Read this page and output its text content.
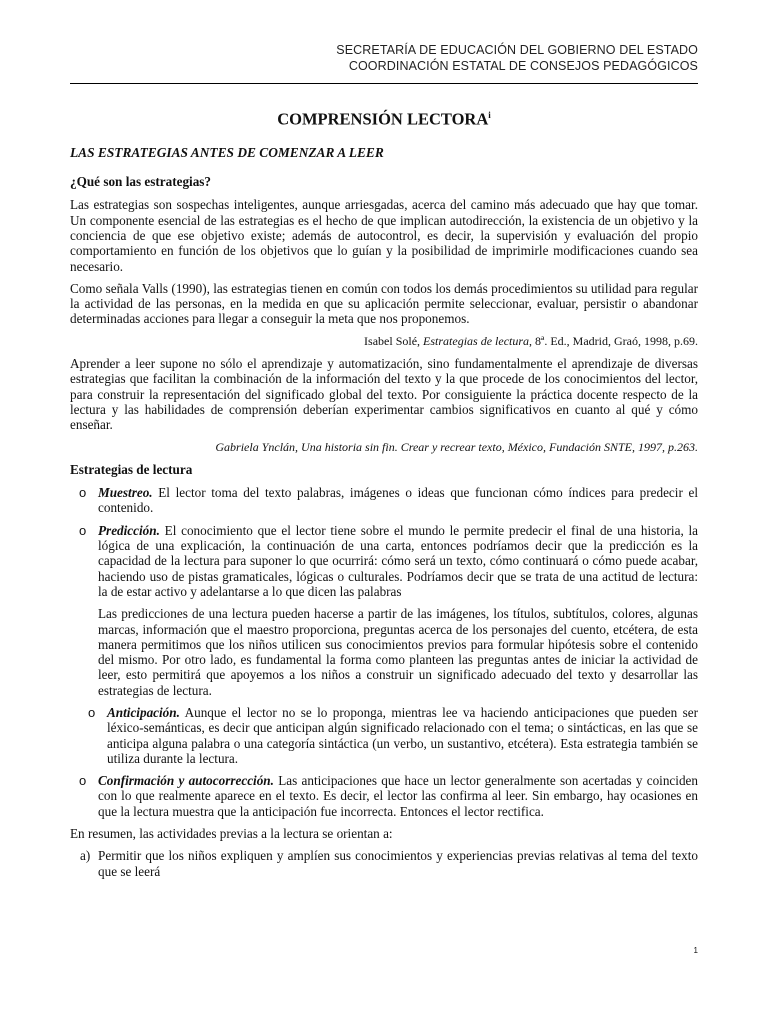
SECRETARÍA DE EDUCACIÓN DEL GOBIERNO DEL ESTADO
COORDINACIÓN ESTATAL DE CONSEJOS PEDAGÓGICOS
COMPRENSIÓN LECTORA$^i$
LAS ESTRATEGIAS ANTES DE COMENZAR A LEER
¿Qué son las estrategias?

Las estrategias son sospechas inteligentes, aunque arriesgadas, acerca del camino más adecuado que hay que tomar. Un componente esencial de las estrategias es el hecho de que implican autodirección, la existencia de un objetivo y la conciencia de que ese objetivo existe; además de autocontrol, es decir, la supervisión y evaluación del propio comportamiento en función de los objetivos que lo guían y la posibilidad de imprimirle modificaciones cuando sea necesario.

Como señala Valls (1990), las estrategias tienen en común con todos los demás procedimientos su utilidad para regular la actividad de las personas, en la medida en que su aplicación permite seleccionar, evaluar, persistir o abandonar determinadas acciones para llegar a conseguir la meta que nos proponemos.

Isabel Solé, Estrategias de lectura, 8ª. Ed., Madrid, Graó, 1998, p.69.

Aprender a leer supone no sólo el aprendizaje y automatización, sino fundamentalmente el aprendizaje de diversas estrategias que facilitan la combinación de la información del texto y la que procede de los conocimientos del lector, para construir la representación del significado global del texto. Por consiguiente la práctica docente respecto de la lectura y las habilidades de comprensión deberían experimentar cambios significativos en cuanto al qué y cómo enseñar.

Gabriela Ynclán, Una historia sin fin. Crear y recrear texto, México, Fundación SNTE, 1997, p.263.
Estrategias de lectura
o Muestreo. El lector toma del texto palabras, imágenes o ideas que funcionan cómo índices para predecir el contenido.
o Predicción. El conocimiento que el lector tiene sobre el mundo le permite predecir el final de una historia, la lógica de una explicación, la continuación de una carta, entonces podríamos decir que la predicción es la capacidad de la lectura para suponer lo que ocurrirá: cómo será un texto, cómo continuará o cómo puede acabar, haciendo uso de pistas gramaticales, lógicas o culturales. Podríamos decir que se trata de una actitud de lectura: la de estar activo y adelantarse a lo que dicen las palabras

Las predicciones de una lectura pueden hacerse a partir de las imágenes, los títulos, subtítulos, colores, algunas marcas, información que el maestro proporciona, preguntas acerca de los personajes del cuento, etcétera, de esta manera permitimos que los niños utilicen sus conocimientos previos para formular hipótesis sobre el contenido del mismo. Por otro lado, es fundamental la forma como planteen las preguntas antes de iniciar la actividad de leer, esto permitirá que apoyemos a los niños a construir un significado adecuado del texto y desarrollar las estrategias de lectura.

o Anticipación. Aunque el lector no se lo proponga, mientras lee va haciendo anticipaciones que pueden ser léxico-semánticas, es decir que anticipan algún significado relacionado con el tema; o sintácticas, en las que se anticipa alguna palabra o una categoría sintáctica (un verbo, un sustantivo, etcétera). Esta estrategia también se utiliza durante la lectura.
o Confirmación y autocorrección. Las anticipaciones que hace un lector generalmente son acertadas y coinciden con lo que realmente aparece en el texto. Es decir, el lector las confirma al leer. Sin embargo, hay ocasiones en que la lectura muestra que la anticipación fue incorrecta. Entonces el lector rectifica.

En resumen, las actividades previas a la lectura se orientan a:

a) Permitir que los niños expliquen y amplíen sus conocimientos y experiencias previas relativas al tema del texto que se leerá
1
